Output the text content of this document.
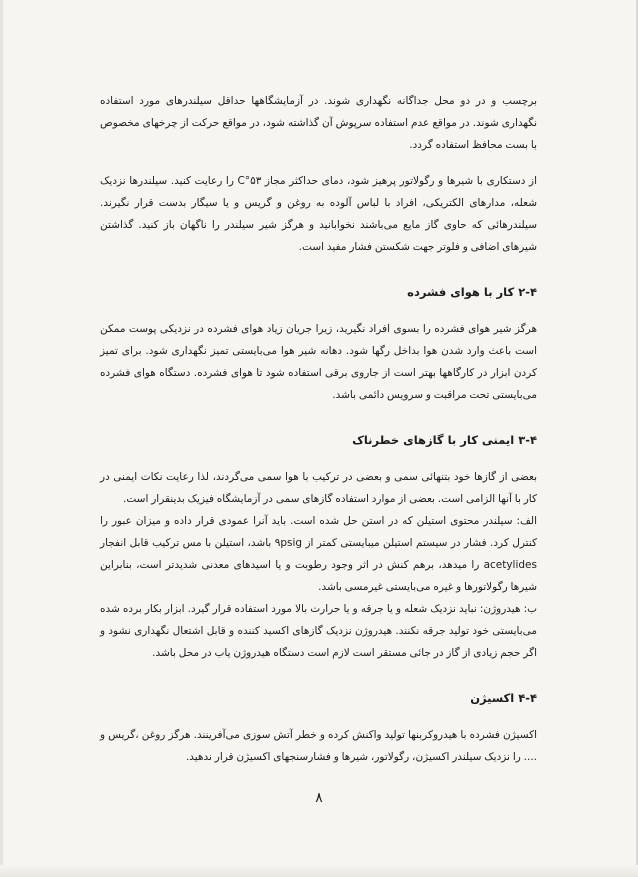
برچسب و در دو محل جداگانه نگهداری شوند. در آزمایشگاهها حداقل سیلندرهای مورد استفاده نگهداری شوند. در مواقع عدم استفاده سرپوش آن گذاشته شود، در مواقع حرکت از چرخهای مخصوص با بست محافظ استفاده گردد.

از دستکاری با شیرها و رگولاتور پرهیز شود، دمای حداکثر مجاز ۵۳°C را رعایت کنید. سیلندرها نزدیک شعله، مدارهای الکتریکی، افراد با لباس آلوده به روغن و گریس و یا سیگار بدست قرار نگیرند. سیلندرهائی که حاوی گاز مایع می‌باشند نخوابانید و هرگز شیر سیلندر را ناگهان باز کنید. گذاشتن شیرهای اضافی و فلوتر جهت شکستن فشار مفید است.

۲-۴ کار با هوای فشرده

هرگز شیر هوای فشرده را بسوی افراد نگیرید، زیرا جریان زیاد هوای فشرده در نزدیکی پوست ممکن است باعث وارد شدن هوا بداخل رگها شود. دهانه شیر هوا می‌بایستی تمیز نگهداری شود. برای تمیز کردن ابزار در کارگاهها بهتر است از جاروی برقی استفاده شود تا هوای فشرده. دستگاه هوای فشرده می‌بایستی تحت مراقبت و سرویس دائمی باشد.

۳-۴ ایمنی کار با گازهای خطرناک

بعضی از گازها خود بتنهائی سمی و بعضی در ترکیب با هوا سمی می‌گردند، لذا رعایت نکات ایمنی در کار با آنها الزامی است. بعضی از موارد استفاده گازهای سمی در آزمایشگاه فیزیک بدینقرار است.

الف: سیلندر محتوی استیلن که در استن حل شده است. باید آنرا عمودی قرار داده و میزان عبور را کنترل کرد. فشار در سیستم استیلن میبایستی کمتر از ۹psig باشد، استیلن با مس ترکیب قابل انفجار acetylides را میدهد، برهم کنش در اثر وجود رطوبت و یا اسیدهای معدنی شدیدتر است، بنابراین شیرها رگولاتورها و غیره می‌بایستی غیرمسی باشد.

ب: هیدروژن: نباید نزدیک شعله و یا جرقه و یا حرارت بالا مورد استفاده قرار گیرد. ابزار بکار برده شده می‌بایستی خود تولید جرقه نکنند. هیدروژن نزدیک گازهای اکسید کننده و قابل اشتعال نگهداری نشود و اگر حجم زیادی از گاز در جائی مستقر است لازم است دستگاه هیدروژن یاب در محل باشد.

۴-۴ اکسیژن

اکسیژن فشرده با هیدروکربنها تولید واکنش کرده و خطر آتش سوزی می‌آفرینند. هرگز روغن ،گریس و .... را نزدیک سیلندر اکسیژن، رگولاتور، شیرها و فشارسنجهای اکسیژن قرار ندهید.

۸
